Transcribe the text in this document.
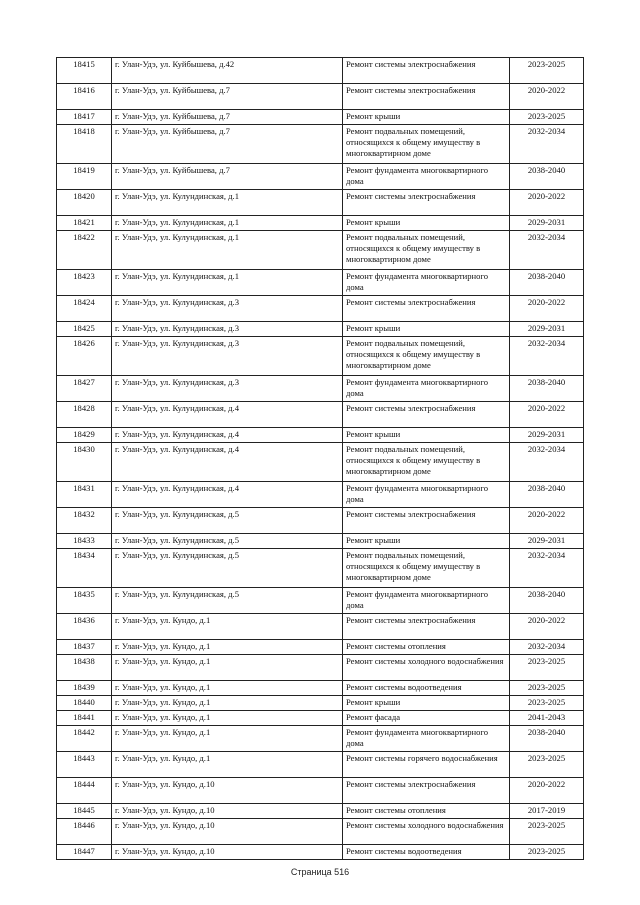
18415	г. Улан-Удэ, ул. Куйбышева, д.42	Ремонт системы электроснабжения	2023-2025
18416	г. Улан-Удэ, ул. Куйбышева, д.7	Ремонт системы электроснабжения	2020-2022
18417	г. Улан-Удэ, ул. Куйбышева, д.7	Ремонт крыши	2023-2025
18418	г. Улан-Удэ, ул. Куйбышева, д.7	Ремонт подвальных помещений, относящихся к общему имуществу в многоквартирном доме	2032-2034
18419	г. Улан-Удэ, ул. Куйбышева, д.7	Ремонт фундамента многоквартирного дома	2038-2040
18420	г. Улан-Удэ, ул. Кулундинская, д.1	Ремонт системы электроснабжения	2020-2022
18421	г. Улан-Удэ, ул. Кулундинская, д.1	Ремонт крыши	2029-2031
18422	г. Улан-Удэ, ул. Кулундинская, д.1	Ремонт подвальных помещений, относящихся к общему имуществу в многоквартирном доме	2032-2034
18423	г. Улан-Удэ, ул. Кулундинская, д.1	Ремонт фундамента многоквартирного дома	2038-2040
18424	г. Улан-Удэ, ул. Кулундинская, д.3	Ремонт системы электроснабжения	2020-2022
18425	г. Улан-Удэ, ул. Кулундинская, д.3	Ремонт крыши	2029-2031
18426	г. Улан-Удэ, ул. Кулундинская, д.3	Ремонт подвальных помещений, относящихся к общему имуществу в многоквартирном доме	2032-2034
18427	г. Улан-Удэ, ул. Кулундинская, д.3	Ремонт фундамента многоквартирного дома	2038-2040
18428	г. Улан-Удэ, ул. Кулундинская, д.4	Ремонт системы электроснабжения	2020-2022
18429	г. Улан-Удэ, ул. Кулундинская, д.4	Ремонт крыши	2029-2031
18430	г. Улан-Удэ, ул. Кулундинская, д.4	Ремонт подвальных помещений, относящихся к общему имуществу в многоквартирном доме	2032-2034
18431	г. Улан-Удэ, ул. Кулундинская, д.4	Ремонт фундамента многоквартирного дома	2038-2040
18432	г. Улан-Удэ, ул. Кулундинская, д.5	Ремонт системы электроснабжения	2020-2022
18433	г. Улан-Удэ, ул. Кулундинская, д.5	Ремонт крыши	2029-2031
18434	г. Улан-Удэ, ул. Кулундинская, д.5	Ремонт подвальных помещений, относящихся к общему имуществу в многоквартирном доме	2032-2034
18435	г. Улан-Удэ, ул. Кулундинская, д.5	Ремонт фундамента многоквартирного дома	2038-2040
18436	г. Улан-Удэ, ул. Кундо, д.1	Ремонт системы электроснабжения	2020-2022
18437	г. Улан-Удэ, ул. Кундо, д.1	Ремонт системы отопления	2032-2034
18438	г. Улан-Удэ, ул. Кундо, д.1	Ремонт системы холодного водоснабжения	2023-2025
18439	г. Улан-Удэ, ул. Кундо, д.1	Ремонт системы водоотведения	2023-2025
18440	г. Улан-Удэ, ул. Кундо, д.1	Ремонт крыши	2023-2025
18441	г. Улан-Удэ, ул. Кундо, д.1	Ремонт фасада	2041-2043
18442	г. Улан-Удэ, ул. Кундо, д.1	Ремонт фундамента многоквартирного дома	2038-2040
18443	г. Улан-Удэ, ул. Кундо, д.1	Ремонт системы горячего водоснабжения	2023-2025
18444	г. Улан-Удэ, ул. Кундо, д.10	Ремонт системы электроснабжения	2020-2022
18445	г. Улан-Удэ, ул. Кундо, д.10	Ремонт системы отопления	2017-2019
18446	г. Улан-Удэ, ул. Кундо, д.10	Ремонт системы холодного водоснабжения	2023-2025
18447	г. Улан-Удэ, ул. Кундо, д.10	Ремонт системы водоотведения	2023-2025
Страница 516
